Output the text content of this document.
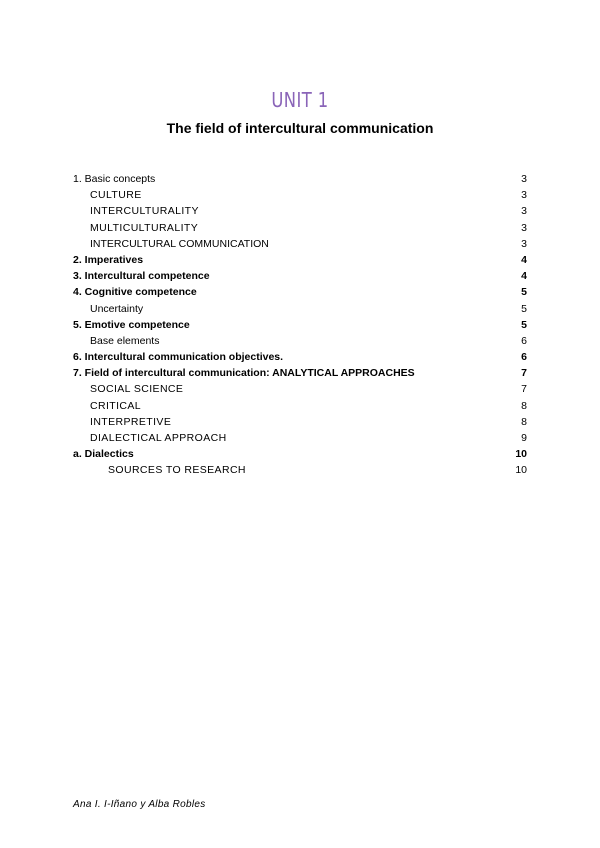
UNIT 1
The field of intercultural communication
1. Basic concepts	3
CULTURE	3
INTERCULTURALITY	3
MULTICULTURALITY	3
INTERCULTURAL COMMUNICATION	3
2. Imperatives	4
3. Intercultural competence	4
4. Cognitive competence	5
Uncertainty	5
5. Emotive competence	5
Base elements	6
6. Intercultural communication objectives.	6
7. Field of intercultural communication: ANALYTICAL APPROACHES	7
SOCIAL SCIENCE	7
CRITICAL	8
INTERPRETIVE	8
DIALECTICAL APPROACH	9
a. Dialectics	10
SOURCES TO RESEARCH	10
Ana I. I-Iñano y Alba Robles
